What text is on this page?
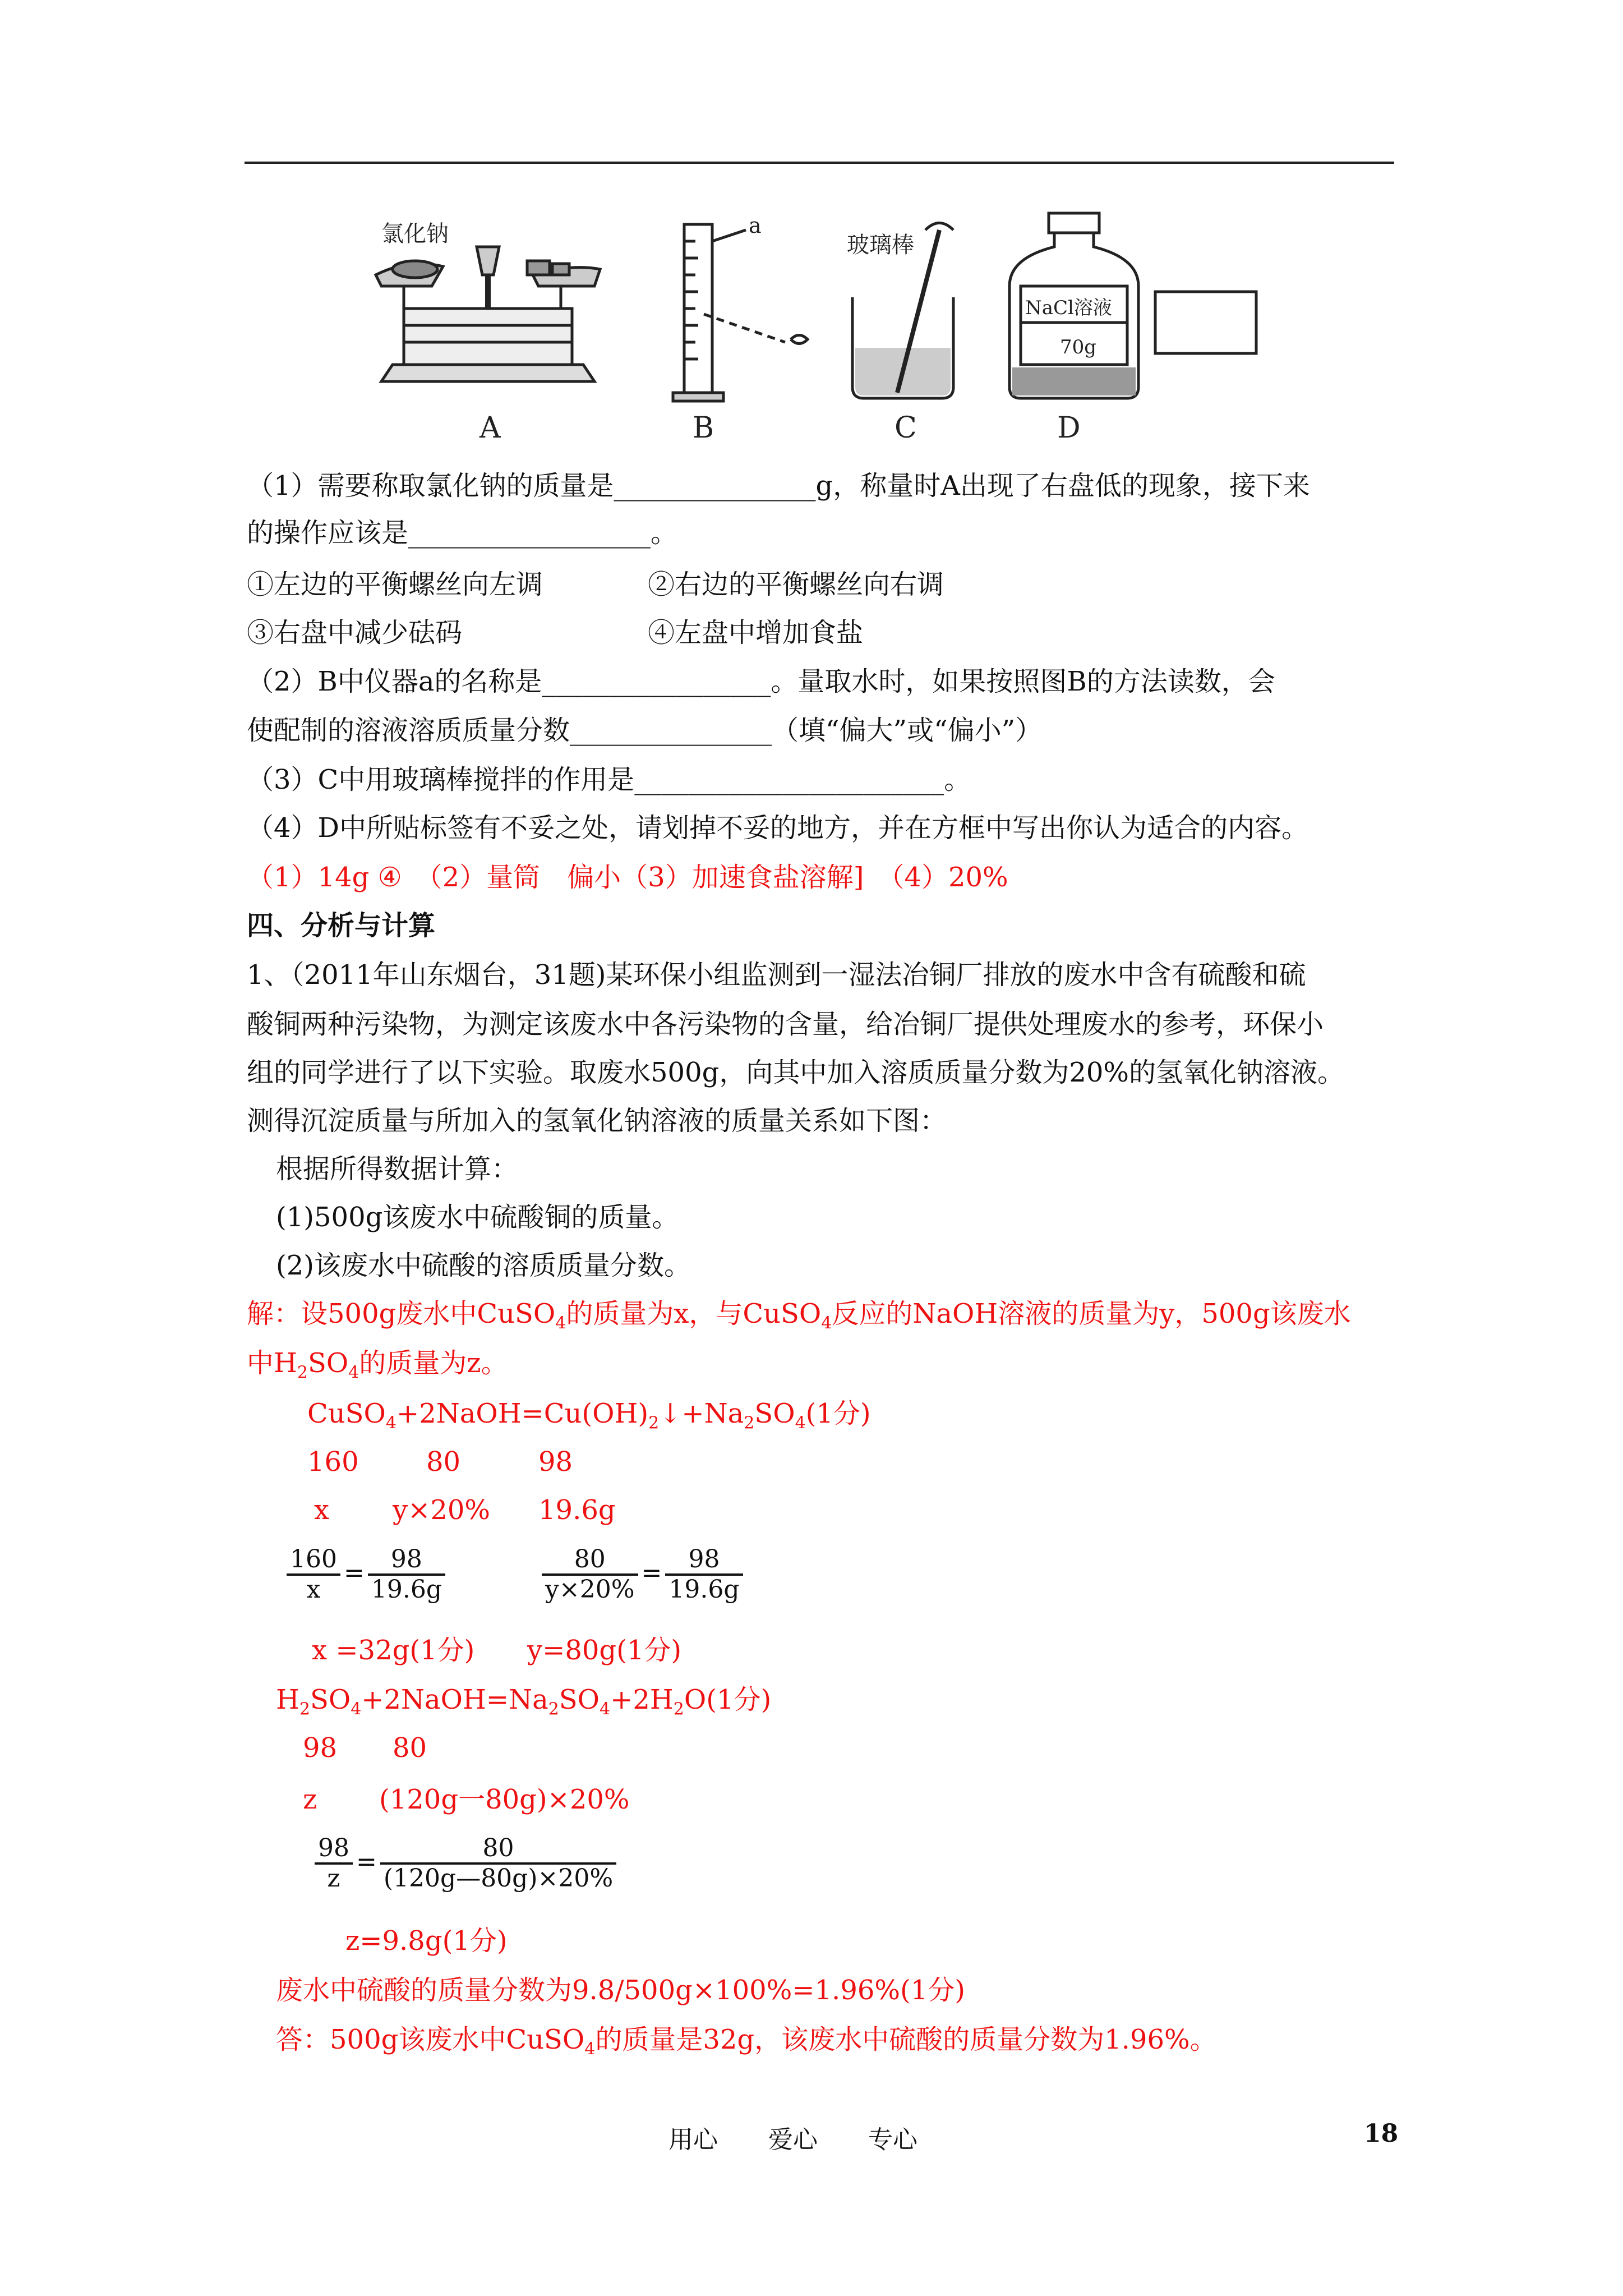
氯化钠
A
a
B
玻璃棒
C
NaCl溶液
70g
D
（1）需要称取氯化钠的质量是_______________g，称量时A出现了右盘低的现象，接下来
的操作应该是__________________。
①左边的平衡螺丝向左调	②右边的平衡螺丝向右调
③右盘中减少砝码	④左盘中增加食盐
（2）B中仪器a的名称是_________________。量取水时，如果按照图B的方法读数，会
使配制的溶液溶质质量分数_______________（填“偏大”或“偏小”）
（3）C中用玻璃棒搅拌的作用是_______________________。
（4）D中所贴标签有不妥之处，请划掉不妥的地方，并在方框中写出你认为适合的内容。
（1）14g ④　（2）量筒　偏小（3）加速食盐溶解]　（4）20%
四、分析与计算
1、（2011年山东烟台，31题)某环保小组监测到一湿法冶铜厂排放的废水中含有硫酸和硫
酸铜两种污染物，为测定该废水中各污染物的含量，给冶铜厂提供处理废水的参考，环保小
组的同学进行了以下实验。取废水500g，向其中加入溶质质量分数为20%的氢氧化钠溶液。
测得沉淀质量与所加入的氢氧化钠溶液的质量关系如下图：
根据所得数据计算：
(1)500g该废水中硫酸铜的质量。
(2)该废水中硫酸的溶质质量分数。
解：设500g废水中CuSO$_4$的质量为x，与CuSO$_4$反应的NaOH溶液的质量为y，500g该废水
中$H_2SO_4$的质量为z。
$CuSO_4+2NaOH=Cu(OH)_2↓+Na_2SO_4(1$分)
160	80	98
x y×20% 19.6g
$\frac{160}{x} = \frac{98}{19.6g}$	$\frac{80}{y\times 20\%} = \frac{98}{19.6g}$
x =32g(1分) y=80g(1分)
$H_2SO_4+2NaOH=Na_2SO_4+2H_2O(1$分)
98 80
z (120g一80g)×20%
$\frac{98}{z} = \frac{80}{(120g—80g)\times 20\%}$
z=9.8g(1分)
废水中硫酸的质量分数为9.8/500g×100%=1.96%(1分)
答：500g该废水中CuSO$_4$的质量是32g，该废水中硫酸的质量分数为1.96%。
用心 爱心 专心	18
